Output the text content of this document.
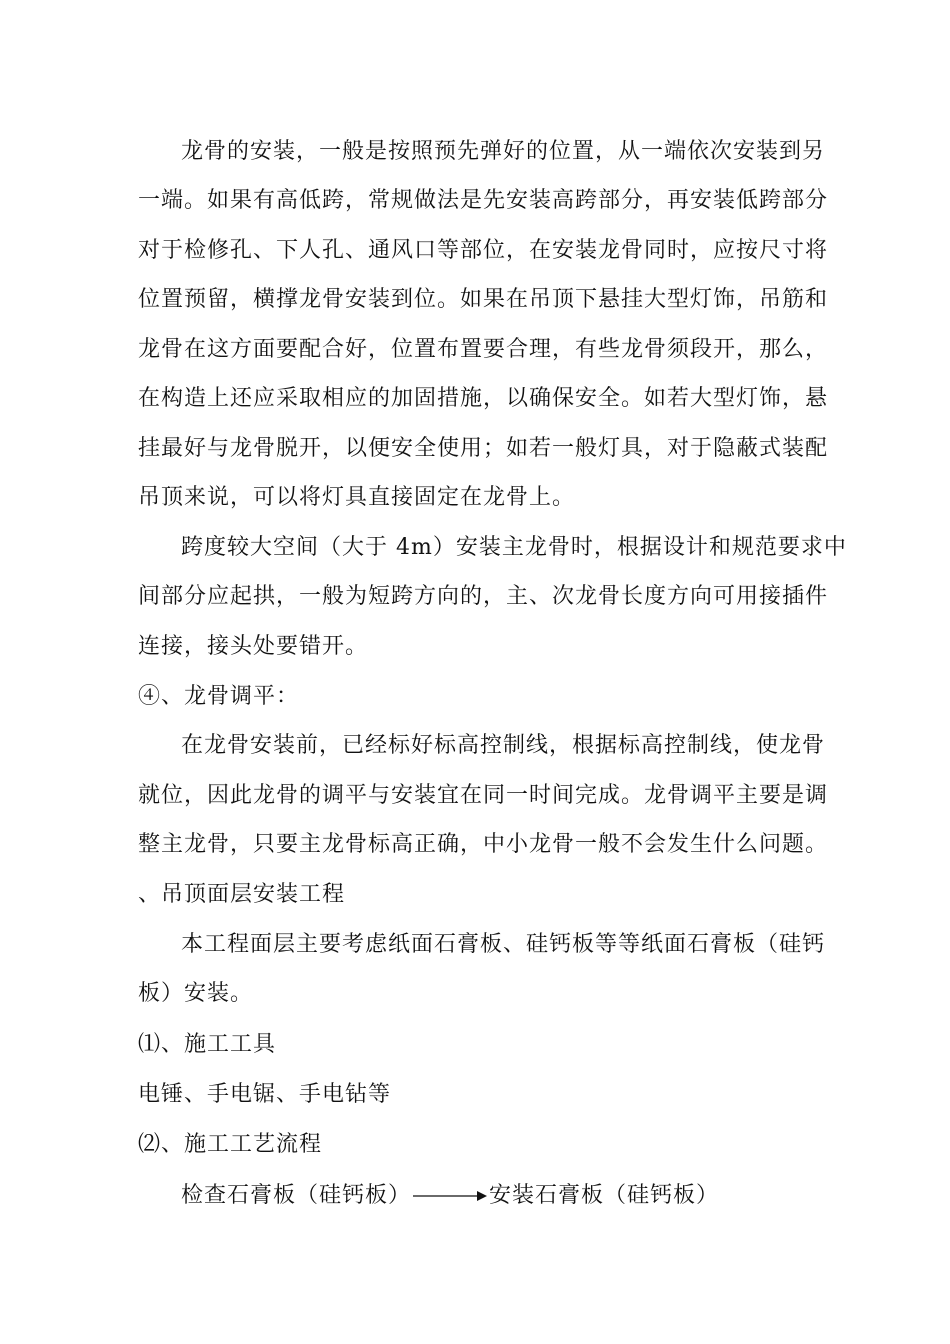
龙骨的安装，一般是按照预先弹好的位置，从一端依次安装到另
一端。如果有高低跨，常规做法是先安装高跨部分，再安装低跨部分
对于检修孔、下人孔、通风口等部位，在安装龙骨同时，应按尺寸将
位置预留，横撑龙骨安装到位。如果在吊顶下悬挂大型灯饰，吊筋和
龙骨在这方面要配合好，位置布置要合理，有些龙骨须段开，那么，
在构造上还应采取相应的加固措施，以确保安全。如若大型灯饰，悬
挂最好与龙骨脱开，以便安全使用；如若一般灯具，对于隐蔽式装配
吊顶来说，可以将灯具直接固定在龙骨上。
跨度较大空间（大于 4m）安装主龙骨时，根据设计和规范要求中
间部分应起拱，一般为短跨方向的，主、次龙骨长度方向可用接插件
连接，接头处要错开。
④、龙骨调平：
在龙骨安装前，已经标好标高控制线，根据标高控制线，使龙骨
就位，因此龙骨的调平与安装宜在同一时间完成。龙骨调平主要是调
整主龙骨，只要主龙骨标高正确，中小龙骨一般不会发生什么问题。
、吊顶面层安装工程
本工程面层主要考虑纸面石膏板、硅钙板等等纸面石膏板（硅钙
板）安装。
⑴、施工工具
电锤、手电锯、手电钻等
⑵、施工工艺流程
检查石膏板（硅钙板）	安装石膏板（硅钙板）
